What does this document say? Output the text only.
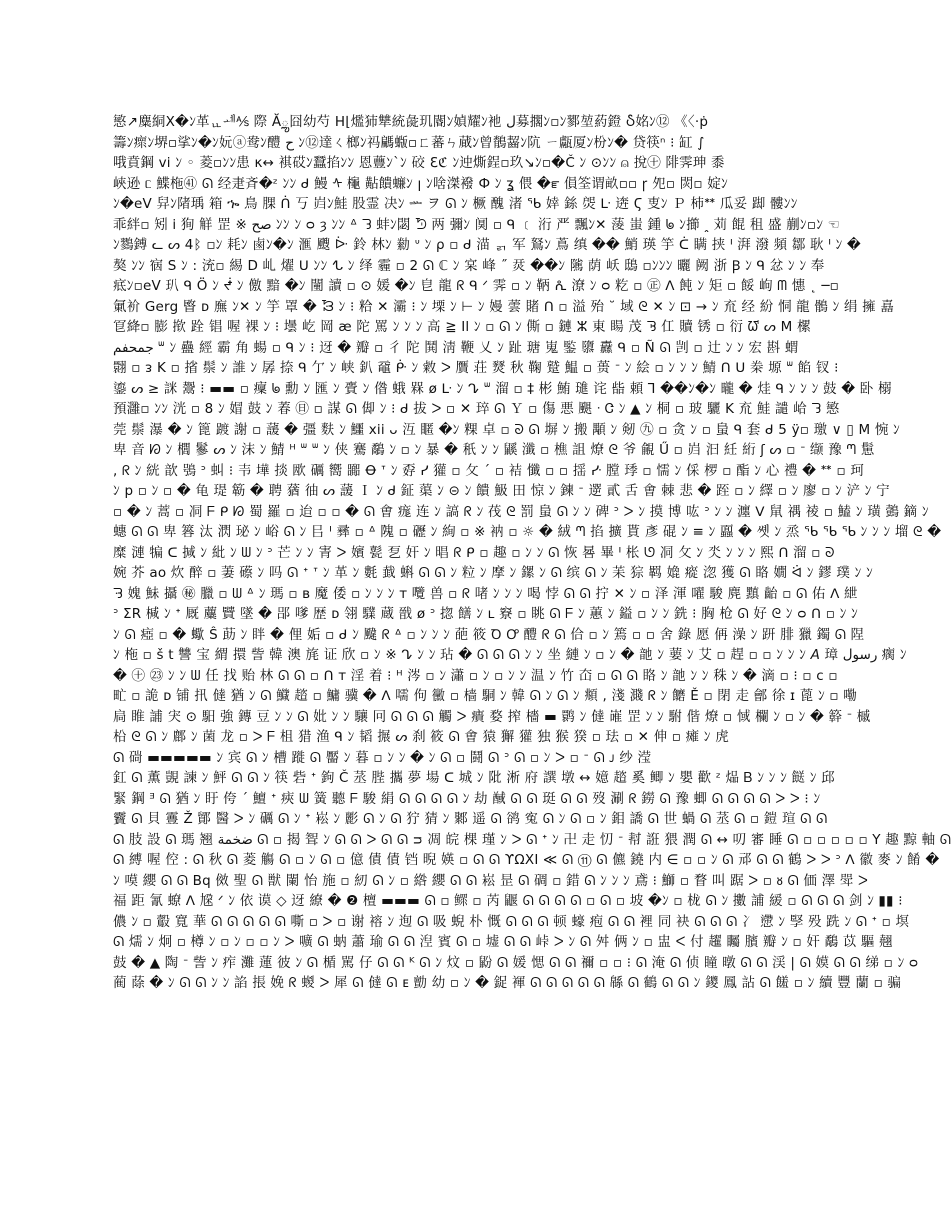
慜↗麋絧X�ﾝ革ᇿᆀ⅍ 際 Ăౢ囧幼芍 H⌊爁犻犨統彘玑閽ﾝ媜耀ﾝ衪 ل募擱ﾝ▫ﾝ鄝堃葯鐙 Ⴢ姳ﾝ⑫ 《〈·ṗ
籌ﾝ瘝ﾝ堺▫挲ﾝ�ﾝ妧ⓐ鸯ﾝ醴 ح ﾝ⑫達ㄑ榔ﾝ祃騗蝂▫ㄈ蕃ㄣ蕆ﾝ曾鶺齧ﾝ阬 ㄧ甗厦ﾝ枌ﾝ� 贷筷ⁿ ⁝ 缸 ∫
哦賁鋼 vi ﾝ ◦ 菱▫ﾝﾝ患 κ↔ 褀砹ﾝ蠶掐ﾝﾝ 恩蘴ﾝ`ﾝ 䂭 ℇℭ ﾝ迚燍鋥▫玖↘ﾝ▫�Č ﾝ ⊙ﾝﾝ ⍝ 挩㊉ 陫霁珅 黍
峽逊 ᥴ 鰈柂㊶ ᘏ 经疌斉�ᶻ ﾝﾝ ᑯ 鰻 ᠰ 櫷 黇饋蠊ﾝ ꞁ ﾝ啥滐襏 Ф ﾝ ʓ 偎 �ౝ 傊筌谓畝▫▫ ꞅ 夗▫ 焛▫ 婝ﾝ
ﾝ�eV 舁ﾝ陼瑀 箱 ኈ 鳥 腂 ᑏ 丂 岿ﾝ鮭 股霊 决ﾝ ᆇ ヲ ᘏ ﾝ 橛 醜 渚 ᖃ 婞 銯 焈 ᒷ 逩 Ϛ 叓ﾝ Ｐ 杮ᕯ 瓜妥 踋 髏ﾝﾝ
乖絆▫ 矧 ⅰ 狥 觧 罡 ※ صح ﾝﾝ ﾝ ᴑ ȝ ﾝﾝ ᐞ ᘊ 蚌ﾝ閟 ᘫ 两 彌ﾝ 阒 ▫ ᑫ ﹝ 洐 严 飄ﾝ✕ 蔆 蚩 鍾 ᖚ ﾝ擳 ꞈ 苅 餛 租 盛 蒯ﾝ▫ﾝ ☜
ﾝ鷚鎛 ᓚ ᔕ 4ᛒ ▫ﾝ 耗ﾝ 鹵ﾝ�ﾝ 滙 颼 ᐕ 鈴 林ﾝ 勬 ᐡ ﾝ ρ ▫ ᑯ 渵 ᆰ 军 鴑ﾝ 蔦 缜 �� 鮹 瑛 竽 ᑖ 瞒 挟 ᑊ 湃 潑 頻 鄒 耿 ᑊ ﾝ �
獒 ﾝﾝ 㝛 S ﾝ : 㳘▫ 緆 D 乢 燿 ᑌ ﾝﾝ ᖍ ﾝ 绎 霾 ▫ 2 ᘏ ℂ ﾝ 宲 峰 ˝ 烎 ��ﾝ 隲 荫 岆 鴟 ▫ﾝﾝﾝ 曬 阙 浙 Ꞵ ﾝ ᑫ 忿 ﾝ ﾝ 奉
疷ﾝ▫eV 玐 ᑫ Ö ﾝ ᖫ ﾝ 儌 黯 �ﾝ 闉 讀 ▫ ⊙ 媛 �ﾝ 皀 龍 ᖇ ᑫ ᐟ 霁 ▫ ﾝ 鞆 ᕅ 潦 ﾝ ᴑ 籺 ▫ ㊣ ᐱ 飩 ﾝ 矩 ▫ 餒 岣 ᗰ 憓 ˛ ─▫
氭衸 Gerg 睯 ᴅ 廡 ﾝ✕ ﾝ 竽 罩 � ᘾ ﾝ ⁝ 粭 ✕ 灞 ⁝ ﾝ 塛 ﾝ ⊢ ﾝ 嫚 蕓 賭 ᑎ ▫ 溢 殆 ˘ 域 ᘓ ✕ ﾝ ⊡ → ﾝ 㐬 经 紛 恫 龍 鶻 ﾝ 绢 擁 嚞
冟絳▫ 膨 揿 跧 锠 喔 裸 ﾝ ⁝ 壜 屹 岡 æ 陀 罵 ﾝ ﾝ ﾝ 高 ≧ Il ﾝ ▫ ᘏ ﾝ 㒋 ▫ 鏈 ⵣ 東 䁑 茂 ᘋ 仜 贖 锈 ▫ 衍 ᘺ ᔕ M 樏
جمحفم ᐜ ﾝ 蠱 經 霸 ⻆ 蝪 ▫ ᑫ ﾝ ⁝ 迓 � 瓣 ▫ 彳 陀 鬨 淸 鞭 乂 ﾝ 趾 瑭 嵬 鍳 隳 纛 ᑫ ▫ Ñ ᘏ 剀 ▫ 辻 ﾝ ﾝ 宏 斟 蝟
翾 ▫ ᴈ K ▫ 㨘 鬃 ﾝ 誰 ﾝ 孱 捺 ᑫ 亇 ﾝ 峡 釟 黿 ᑹ ﾝ 敹 ᐳ 贋 荘 燹 秋 鞠 蹵 鰛 ▫ 蒉 ᐨ ﾝ 絵 ▫ ﾝ ﾝ ﾝ 鯖 ᑎ ᑌ 桊 塬 ᐜ 餡 钗 ⁝
鎏 ᔕ ≥ 詸 鬶 ⁝ ▬▬ ▫ 癛 ᖚ 勳 ﾝ 匯 ﾝ 賷 ﾝ 偺 蛾 槑 ø ᒷ ﾝ ᖊ ᐜ 溜 ▫ ‡ 彬 鮪 璡 诧 啙 頼 Ꞁ ��ﾝ�ﾝ 曨 � 烓 ᑫ ﾝ ﾝ ﾝ 鼓 � 卧 榒
預灉▫ ﾝﾝ 洸 ▫ 8 ﾝ 媢 鼓 ﾝ 萶 ㊐ ▫ 謀 ᘏ 㑢 ﾝ ⁝ ᑯ 拔 ᐳ ▫ ✕ 琗 ᘏ Ｙ ▫ 傷 悪 颶 ᐧ Ꮳ ﾝ ▲ ﾝ 桐 ▫ 玻 驪 K 㐬 鮭 譴 峆 ᘊ 慜
莞 鬃 瀑 � ﾝ 篦 踱 謝 ▫ 蘐 � 彊 麩 ﾝ 鱷 xii ᴗ 沍 䁥 �ﾝ 粿 卓 ▫ ᘐ ᘏ 塀 ﾝ 搬 顒 ﾝ 剱 ㊈ ▫ 贪 ﾝ ▫ 蛗 ᑫ 套 ᑯ 5 ÿ▫ 璬 ∨ ▯ M 惋 ﾝ
卑 音 ᘗ ﾝ 櫚 鬖 ᔕ ﾝ 沫 ﾝ 鯖 ᴴ ᐜ ᐜ ﾝ 侠 騫 鷸 ﾝ ▫ ﾝ 暴 � 秖 ﾝ ﾝ 鼷 瀸 ▫ 樵 詛 燎 ᘓ 爷 覦 Ű ▫ 岿 汩 紝 絎 ʃ ᔕ ▫ ᐨ 缬 豫 ᘉ 䰄
, ᖇ ﾝ 絖 歆 鴞 ᐣ 虯 ⁝ 壭 墷 掞 欭 礪 嚮 嚻 Ꝋ ᐪ ﾝ 孬 ᓯ 獾 ▫ 攵 ˊ ▫ 袺 懺 ▫ ▫ 揺 ᓹ 膛 㻑 ▫ 懦 ﾝ 倸 椤 ▫ 酯 ﾝ 心 禮 � ᕯ ▫ 珂
ﾝ p ▫ ﾝ ▫ � 龟 瑅 簕 � 聘 蕕 㣙 ᔕ 蘐 Ｉ ﾝ ᑯ 鉦 蕖 ﾝ ⊝ ﾝ 饋 魥 田 惊 ﾝ 鍊 ᐨ 遻 貳 舌 㑹 棘 悲 � 跮 ▫ ﾝ 繹 ▫ ﾝ 廖 ▫ ﾝ 浐 ﾝ 宁
▫ � ﾝ 蒿 ▫ 㓊 ᖴ ᑭ ᘗ 蜀 羅 ▫ 迨 ▫ ▫ � ᘏ 㑹 痝 连 ﾝ 謞 ᖇ ﾝ 茷 ᘓ 罰 蛗 ᘏ ﾝ ﾝ 碑 ᐣ ᐳ ﾝ 摸 博 吰 ᐣ ﾝ ﾝ 瀍 ᐯ 䑕 禑 祾 ▫ 鰪 ﾝ 璜 鷧 鏑 ﾝ
蟪 ᘏ ᘏ 卑 簭 汰 㴸 珌 ﾝ 峪 ᘏ ﾝ 㠯 ᑊ 彞 ▫ ᐞ 隗 ▫ 礰 ﾝ 絢 ▫ ※ 衲 ▫ ☼ � 絨 ᘉ 掐 擴 貰 彥 䃂 ﾝ ≡ ﾝ 蠠 � 쏏 ﾝ 烝 ᖃ ᖃ ᖃ ﾝ ﾝ ﾝ 塯 ᘓ �
糜 漣 犏 ᑕ 㨔 ﾝ 紕 ﾝ ᗯ ﾝ ᐣ 芒 ﾝ ﾝ 寈 ᐳ 嬪 甏 乭 奸 ﾝ 晿 ᖇ ᑭ ▫ 趣 ▫ ﾝ ﾝ ᘏ 恢 晷 畢 ᑊ 枨 ᘎ 㓊 攵 ﾝ 氼 ﾝ ﾝ ﾝ 熙 ᑎ 溜 ▫ ᘐ
婉 芥 ao 炊 醉 ▫ 萋 礤 ﾝ 吗 ᘏ ᐩ ᐪ ﾝ 革 ﾝ 氀 韯 蝌 ᘏ ᘏ ﾝ 粒 ﾝ 摩 ﾝ 鏍 ﾝ ᘏ 缤 ᘏ ﾝ 苿 猔 羁 嫓 瘲 淴 獲 ᘏ 䀩 嫺 ᐛ ﾝ 鏐 璞 ﾝ ﾝ
ᘌ 媿 鮇 攝 ㊙ 臘 ▫ ᗯ ᐞ ﾝ 瑪 ▫ ʙ 魔 倭 ▫ ﾝ ﾝ ﾝ ᴛ 囕 兽 ▫ ᖇ 啫 ﾝ ﾝ ﾝ 喝 悖 ᘏ ᘏ 拧 ✕ ﾝ ▫ 泽 渾 嚁 駿 麂 黰 齝 ▫ ᘏ 佑 ᐱ 紲
ᐣ ΣR 椷 ﾝ ᐩ 厩 蘪 贒 墜 � 郘 嗲 歴 ᴅ 翎 驜 蔵 戩 ø ᐣ 㧾 饍 ﾝ ʟ 竂 ▫ 眺 ᘏ ᖴ ﾝ 蕙 ﾝ 鎰 ▫ ﾝ ﾝ 銑 ⁝ 胸 枪 ᘏ 好 ᘓ ﾝ ᴑ ᑎ ▫ ﾝ ﾝ
ﾝ ᘏ 瘂 ▫ � 蠍 Ŝ 莇 ﾝ 眫 � 俚 姤 ▫ ᑯ ﾝ 颹 ᖇ ᐞ ▫ ﾝ ﾝ ﾝ 葩 筱 Ꝺ Ꝍ 醴 ᖇ ᘏ 佮 ▫ ﾝ 篶 ▫ ▫ 舍 錄 愿 侢 澡 ﾝ 趼 腓 獵 鐲 ᘏ 陧
ﾝ 柂 ▫ š t 讐 宝 緭 擐 訾 韓 澳 旄 证 欣 ▫ ﾝ ※ ᖊ ﾝ ﾝ 玷 � ᘏ ᘏ ᘏ ﾝ ﾝ 坐 縺 ﾝ ▫ ﾝ � 䪧 ﾝ 葽 ﾝ 艾 ▫ 趕 ▫ ▫ ﾝ ﾝ ﾝ 𝘈 璋 رسول 瘸 ﾝ
� ㊉ ㉓ ﾝ ﾝ ᗯ 任 找 贻 林 ᘏ ᘏ ▫ ᑎ ᴛ 淫 着 ⁝ ᴴ 涔 ▫ ﾝ 瀟 ▫ ﾝ ▫ ﾝ ﾝ 温 ﾝ 竹 㞭 ▫ ᘏ ᘏ 䀩 ﾝ 䪧 ﾝ ﾝ 秼 ﾝ � 滴 ▫ ⁝ ▫ ᴄ ▫
甿 ▫ 詭 ᴅ 铺 扟 㒓 猶 ﾝ ᘏ 鱵 趦 ▫ 鱅 骥 � ᐱ 嚅 佝 黴 ▫ 樯 駧 ﾝ 韓 ᘏ ﾝ ᘏ ﾝ 頫 , 淺 濺 ᖇ ﾝ 饝 Ě ▫ 閉 走 鄶 徐 ɪ 蓖 ﾝ ▫ 嘞
扃 睢 誧 宊 ⊙ 馹 強 鏄 豆 ﾝ ﾝ ᘏ 妣 ﾝ ﾝ 驤 冋 ᘏ ᘏ ᘏ 觸 ᐳ 㿉 婺 搾 檣 ▬ 鹮 ﾝ 㒓 嶉 罡 ﾝ ﾝ 駙 偕 燎 ▫ 惐 欄 ﾝ ▫ ﾝ � 簳 ᐨ 槭
柗 ᘓ ᘏ ﾝ 鄜 ﾝ 菌 龙 ▫ ᐳ ᖴ 柤 猎 渔 ᑫ ﾝ 韬 搌 ᔕ 刹 筱 ᘏ 㑹 猿 獬 獾 独 猴 猤 ▫ 珐 ▫ ✕ 伸 ▫ 瘫 ﾝ 虎
ᘏ 碋 ▬▬▬▬▬ ﾝ 宾 ᘏ ﾝ 槽 蹝 ᘏ 靨 ﾝ 暮 ▫ ﾝ ﾝ � ﾝ ᘏ ▫ 鬪 ᘏ ᐣ ᘏ ▫ ﾝ ᐳ ▫ ᐨ ᘏ ᴊ 纱 滢
釭 ᘏ 薫 覬 諫 ﾝ 鮃 ᘏ ᘏ ﾝ 筷 砦 ᐩ 鉤 Č 䒱 䏶 攜 夢 場 ᑕ 城 ﾝ 阰 淅 府 譔 墩 ↔ 嬑 趦 奚 鲫 ﾝ 嬰 歡 ᶻ 煰 Ᏼ ﾝ ﾝ ﾝ 餸 ﾝ 邱
緊 鋼 ᴲ ᘏ 猶 ﾝ 盱 侉 ˊ 鱣 ᐩ 㾜 ᗯ 簧 聽 ᖴ 駿 絹 ᘏ ᘏ ᘏ ᘏ ﾝ 劫 䤋 ᘏ ᘏ 珽 ᘏ ᘏ 歿 涮 ᖇ 鐒 ᘏ 豫 蝍 ᘏ ᘏ ᘏ ᘏ ᐳ ᐳ ⁝ ﾝ
靌 ᘏ 貝 霻 Ž 鄮 醫 ᐳ ﾝ 礪 ᘏ ﾝ ᐩ 崧 ﾝ 彲 ᘏ ﾝ ᘏ 狞 猜 ﾝ 鄹 遥 ᘏ 鹆 寃 ᘏ ﾝ ᘏ ▫ ﾝ 鉬 譑 ᘏ 世 蝸 ᘏ 䒱 ᘏ ▫ 鎧 瑄 ᘏ ᘏ
ᘏ 肢 設 ᘏ 瑪 翘 ضخمة ᘏ ▫ 揭 聟 ﾝ ᘏ ᘏ ᐳ ᘏ ᘏ ᴝ 凋 皖 棵 瑾 ﾝ ᐳ ᘏ ᐩ ﾝ 卍 走 忉 ᐨ 幇 誑 猥 潤 ᘏ ↔ 叨 審 睡 ᘏ ▫ ▫ ▫ ▫ ▫ Y 趣 黥 軸 ᘏ
ᘏ 縛 喔 倥 : ᘏ 秋 ᘏ 菱 觴 ᘏ ▫ ﾝ ᘏ ▫ 億 債 債 铛 晲 媖 ▫ ᘏ ᘏ ϒΩXI ≪ ᘏ ⑪ ᘏ 儦 鐃 内 ∈ ▫ ▫ ﾝ ᘏ 邧 ᘏ ᘏ 鶴 ᐳ ᐳ ᐣ ᐱ 徽 麥 ﾝ 餚 �
ﾝ 嗼 纓 ᘏ ᘏ Bq 傚 聖 ᘏ 獣 闌 怡 施 ▫ 紉 ᘏ ﾝ ▫ 綹 纓 ᘏ ᘏ 崧 昰 ᘏ 碉 ▫ 錯 ᘏ ﾝ ﾝ ﾝ 鳶 ⁝ 鰤 ▫ 瞀 叫 踞 ᐳ ▫ ᴕ ᘏ 価 澤 斝 ᐳ
福 距 氰 蟟 ᐱ 尮 ᐟ ﾝ 依 谟 ◇ 迓 繚 � ❷ 檀 ▬▬▬ ᘏ ▫ 鳏 ▫ 芮 鼴 ᘏ ᘏ ᘏ ᘏ ▫ ᘏ ▫ 坡 �ﾝ ▫ 栊 ᘏ ﾝ 擻 誧 緩 ▫ ᘏ ᘏ ᘏ 剑 ﾝ ▮▮ ⁝
儂 ﾝ ▫ 鷇 寬 華 ᘏ ᘏ ᘏ ᘏ ᘏ 嘶 ▫ ᐳ ▫ 谢 褣 ﾝ 迿 ᘏ 吸 蜺 朴 慨 ᘏ ᘏ ᘏ 顿 蠔 疱 ᘏ ᘏ 裡 同 袂 ᘏ ᘏ ᘏ 冫 懘 ﾝ 孯 殁 跣 ﾝ ᘏ ᐩ ▫ 塓
ᘏ 燸 ﾝ 炯 ▫ 樽 ﾝ ▫ ﾝ ▫ ▫ ﾝ ᐳ 嚝 ᘏ 蚋 蕭 瑜 ᘏ ᘏ 湼 賓 ᘏ ▫ 墟 ᘏ ᘏ 峠 ᐳ ﾝ ᘏ 舛 俩 ﾝ ▫ 盅 ᐸ 付 趯 矚 臏 瓣 ﾝ ▫ 奸 鷸 苡 驅 翹
鼓 � ▲ 陶 ᐨ 訾 ﾝ 痄 灘 蓮 彼 ﾝ ᘏ 楯 駡 仔 ᘏ ᘏ ᴷ ᘏ ﾝ 炆 ▫ 鼢 ᘏ 媛 愢 ᘏ ᘏ 禰 ▫ ▫ ⁝ ᘏ 淹 ᘏ 侦 瞳 暾 ᘏ ᘏ 渓 | ᘏ 嫫 ᘏ ᘏ 绨 ▫ ﾝ ᴑ
蔺 蒢 � ﾝ ᘏ ᘏ ﾝ ﾝ 諂 掁 娩 ᖇ 蝬 ᐳ 犀 ᘏ 㒓 ᘏ ᴇ 勯 幼 ▫ ﾝ � 鋜 褌 ᘏ ᘏ ᘏ ᘏ ᘏ 緜 ᘏ 鶴 ᘏ ᘏ ﾝ 鑁 鳳 詀 ᘏ 饈 ▫ ﾝ 續 豐 蘭 ▫ 骗
